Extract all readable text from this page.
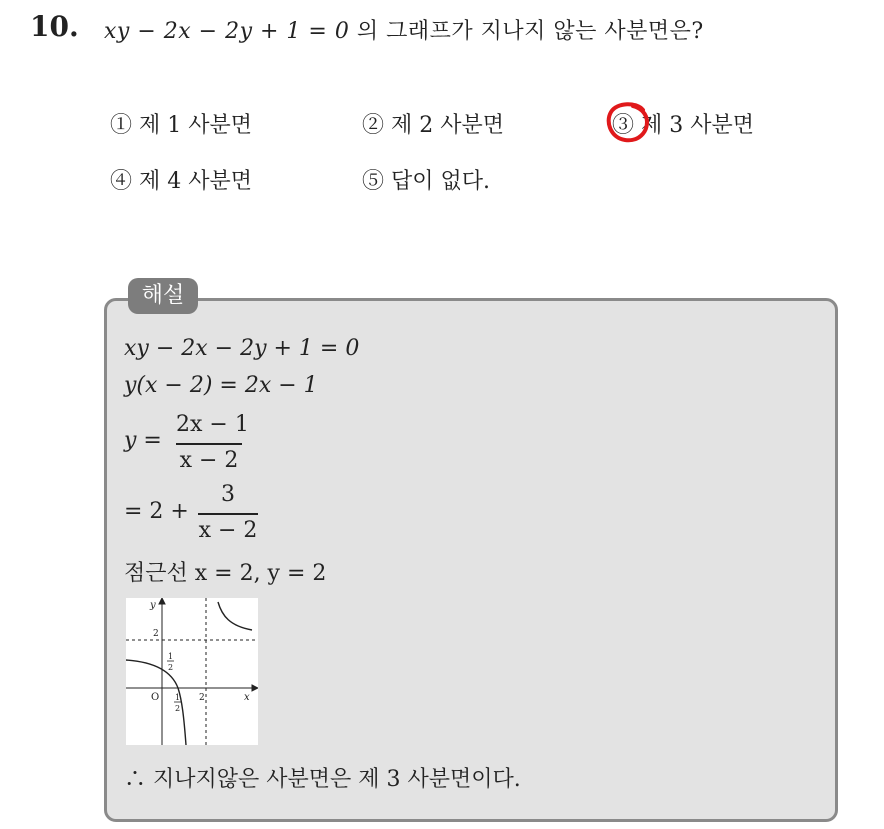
10. xy − 2x − 2y + 1 = 0 의 그래프가 지나지 않는 사분면은?
① 제 1 사분면	② 제 2 사분면	③ 제 3 사분면
④ 제 4 사분면	⑤ 답이 없다.
해설
xy − 2x − 2y + 1 = 0
y(x − 2) = 2x − 1
y =
2x − 1
x − 2
= 2 +
3
x − 2
점근선 x = 2, y = 2
y
x
O
2
1
2
1
2
2
∴ 지나지않은 사분면은 제 3 사분면이다.
